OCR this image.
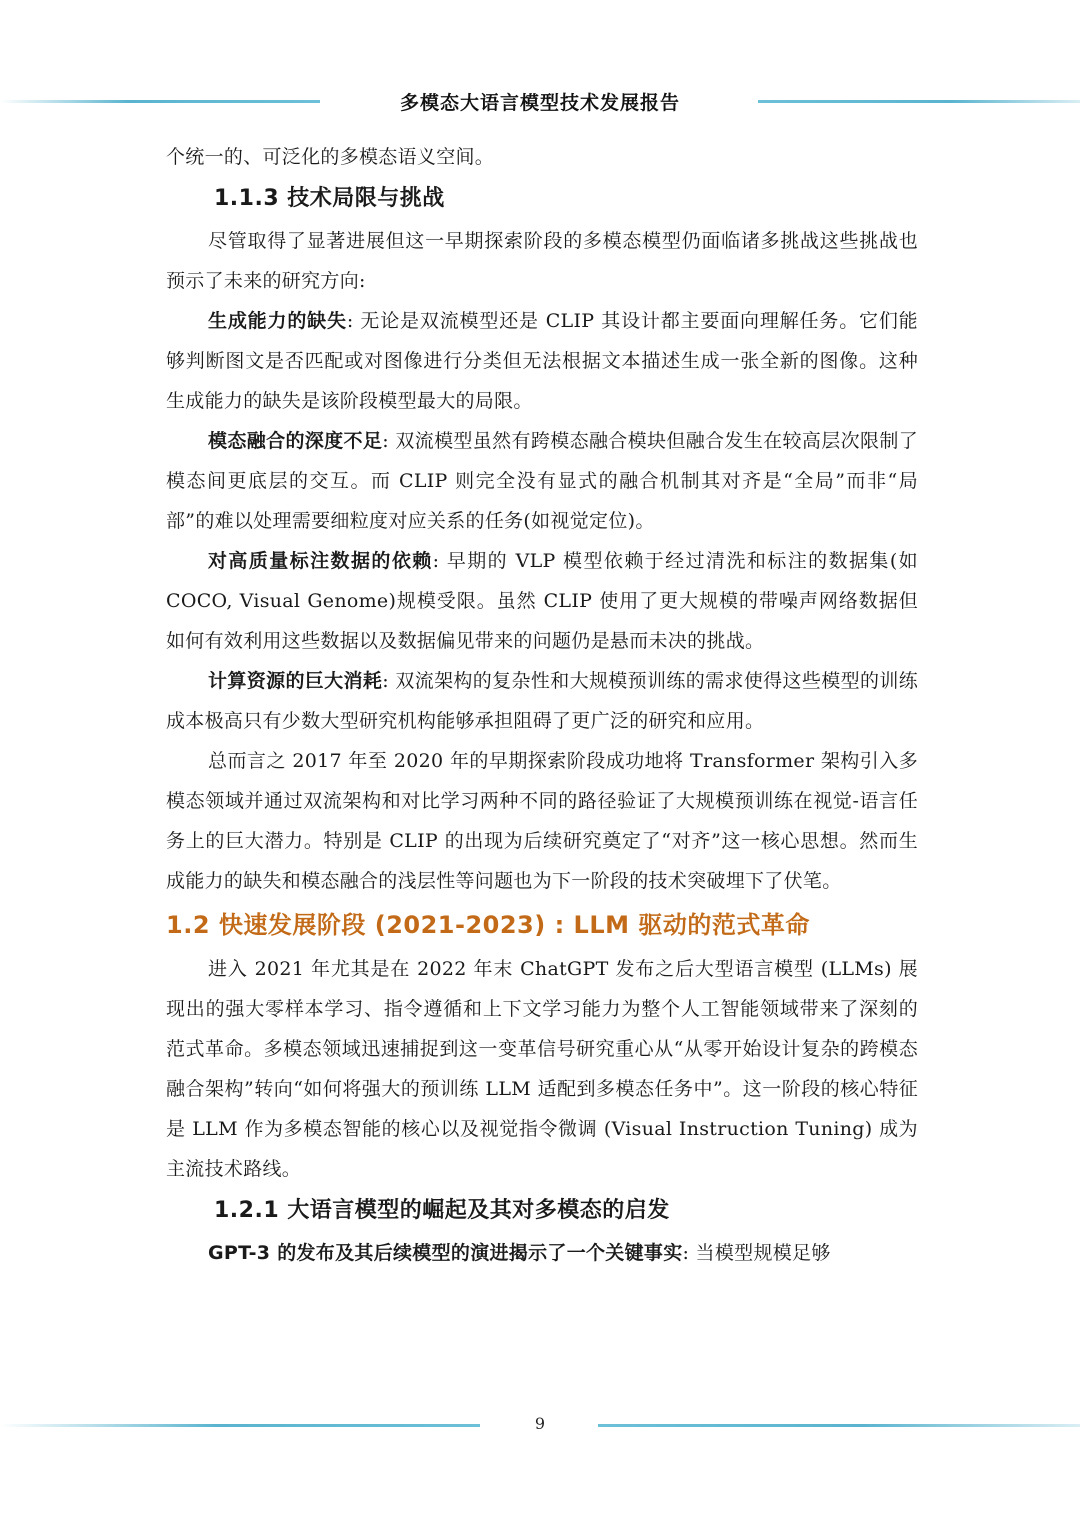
多模态大语言模型技术发展报告

个统一的、可泛化的多模态语义空间。

1.1.3 技术局限与挑战

尽管取得了显著进展但这一早期探索阶段的多模态模型仍面临诸多挑战这些挑战也预示了未来的研究方向:

生成能力的缺失: 无论是双流模型还是 CLIP 其设计都主要面向理解任务。它们能够判断图文是否匹配或对图像进行分类但无法根据文本描述生成一张全新的图像。这种生成能力的缺失是该阶段模型最大的局限。

模态融合的深度不足: 双流模型虽然有跨模态融合模块但融合发生在较高层次限制了模态间更底层的交互。而 CLIP 则完全没有显式的融合机制其对齐是“全局”而非“局部”的难以处理需要细粒度对应关系的任务(如视觉定位)。

对高质量标注数据的依赖: 早期的 VLP 模型依赖于经过清洗和标注的数据集(如 COCO, Visual Genome)规模受限。虽然 CLIP 使用了更大规模的带噪声网络数据但如何有效利用这些数据以及数据偏见带来的问题仍是悬而未决的挑战。

计算资源的巨大消耗: 双流架构的复杂性和大规模预训练的需求使得这些模型的训练成本极高只有少数大型研究机构能够承担阻碍了更广泛的研究和应用。

总而言之 2017 年至 2020 年的早期探索阶段成功地将 Transformer 架构引入多模态领域并通过双流架构和对比学习两种不同的路径验证了大规模预训练在视觉-语言任务上的巨大潜力。特别是 CLIP 的出现为后续研究奠定了“对齐”这一核心思想。然而生成能力的缺失和模态融合的浅层性等问题也为下一阶段的技术突破埋下了伏笔。

1.2 快速发展阶段 (2021-2023) : LLM 驱动的范式革命

进入 2021 年尤其是在 2022 年末 ChatGPT 发布之后大型语言模型 (LLMs) 展现出的强大零样本学习、指令遵循和上下文学习能力为整个人工智能领域带来了深刻的范式革命。多模态领域迅速捕捉到这一变革信号研究重心从“从零开始设计复杂的跨模态融合架构”转向“如何将强大的预训练 LLM 适配到多模态任务中”。这一阶段的核心特征是 LLM 作为多模态智能的核心以及视觉指令微调 (Visual Instruction Tuning) 成为主流技术路线。

1.2.1 大语言模型的崛起及其对多模态的启发

GPT-3 的发布及其后续模型的演进揭示了一个关键事实: 当模型规模足够

9
